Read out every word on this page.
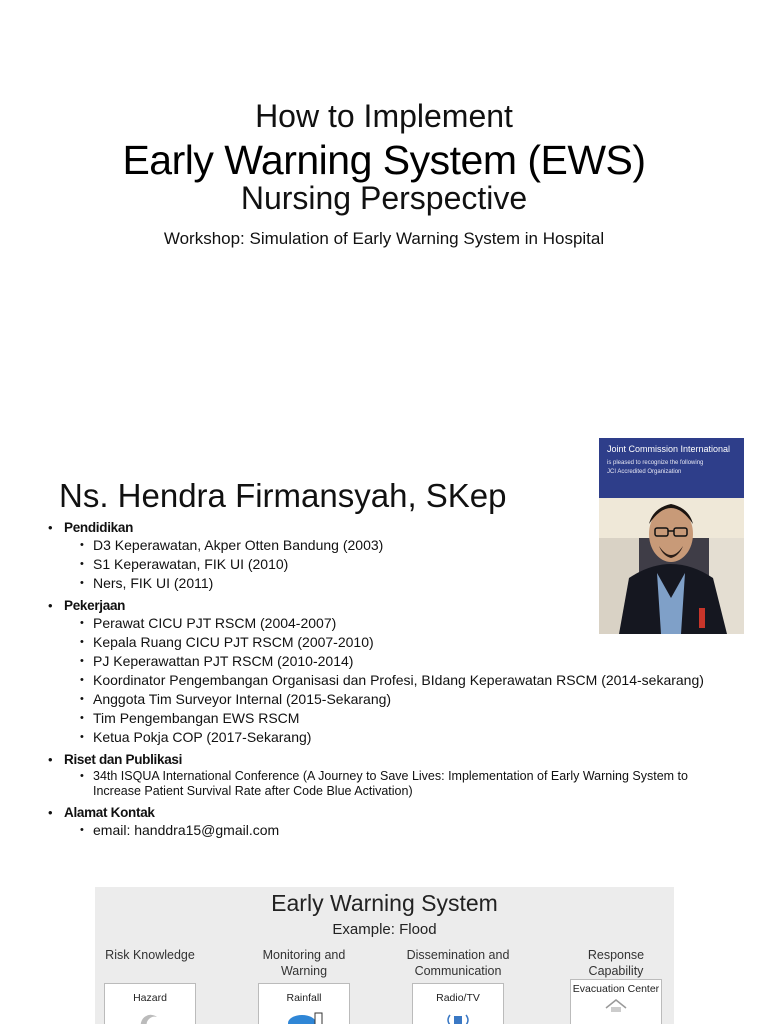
How to Implement
Early Warning System (EWS)
Nursing Perspective
Workshop: Simulation of Early Warning System in Hospital
Ns. Hendra Firmansyah, SKep
Joint Commission International
is pleased to recognize the following
JCI Accredited Organization
• Pendidikan
• D3 Keperawatan, Akper Otten Bandung (2003)
• S1 Keperawatan, FIK UI (2010)
• Ners, FIK UI (2011)
• Pekerjaan
• Perawat CICU PJT RSCM (2004-2007)
• Kepala Ruang CICU PJT RSCM (2007-2010)
• PJ Keperawattan PJT RSCM (2010-2014)
• Koordinator Pengembangan Organisasi dan Profesi, BIdang Keperawatan RSCM (2014-sekarang)
• Anggota Tim Surveyor Internal (2015-Sekarang)
• Tim Pengembangan EWS RSCM
• Ketua Pokja COP (2017-Sekarang)
• Riset dan Publikasi
• 34th ISQUA International Conference (A Journey to Save Lives: Implementation of Early Warning System to Increase Patient Survival Rate after Code Blue Activation)
• Alamat Kontak
• email: handdra15@gmail.com
Early Warning System
Example: Flood
Risk Knowledge
Hazard
Monitoring and Warning
Rainfall
Dissemination and Communication
Radio/TV
Response Capability
Evacuation Center
